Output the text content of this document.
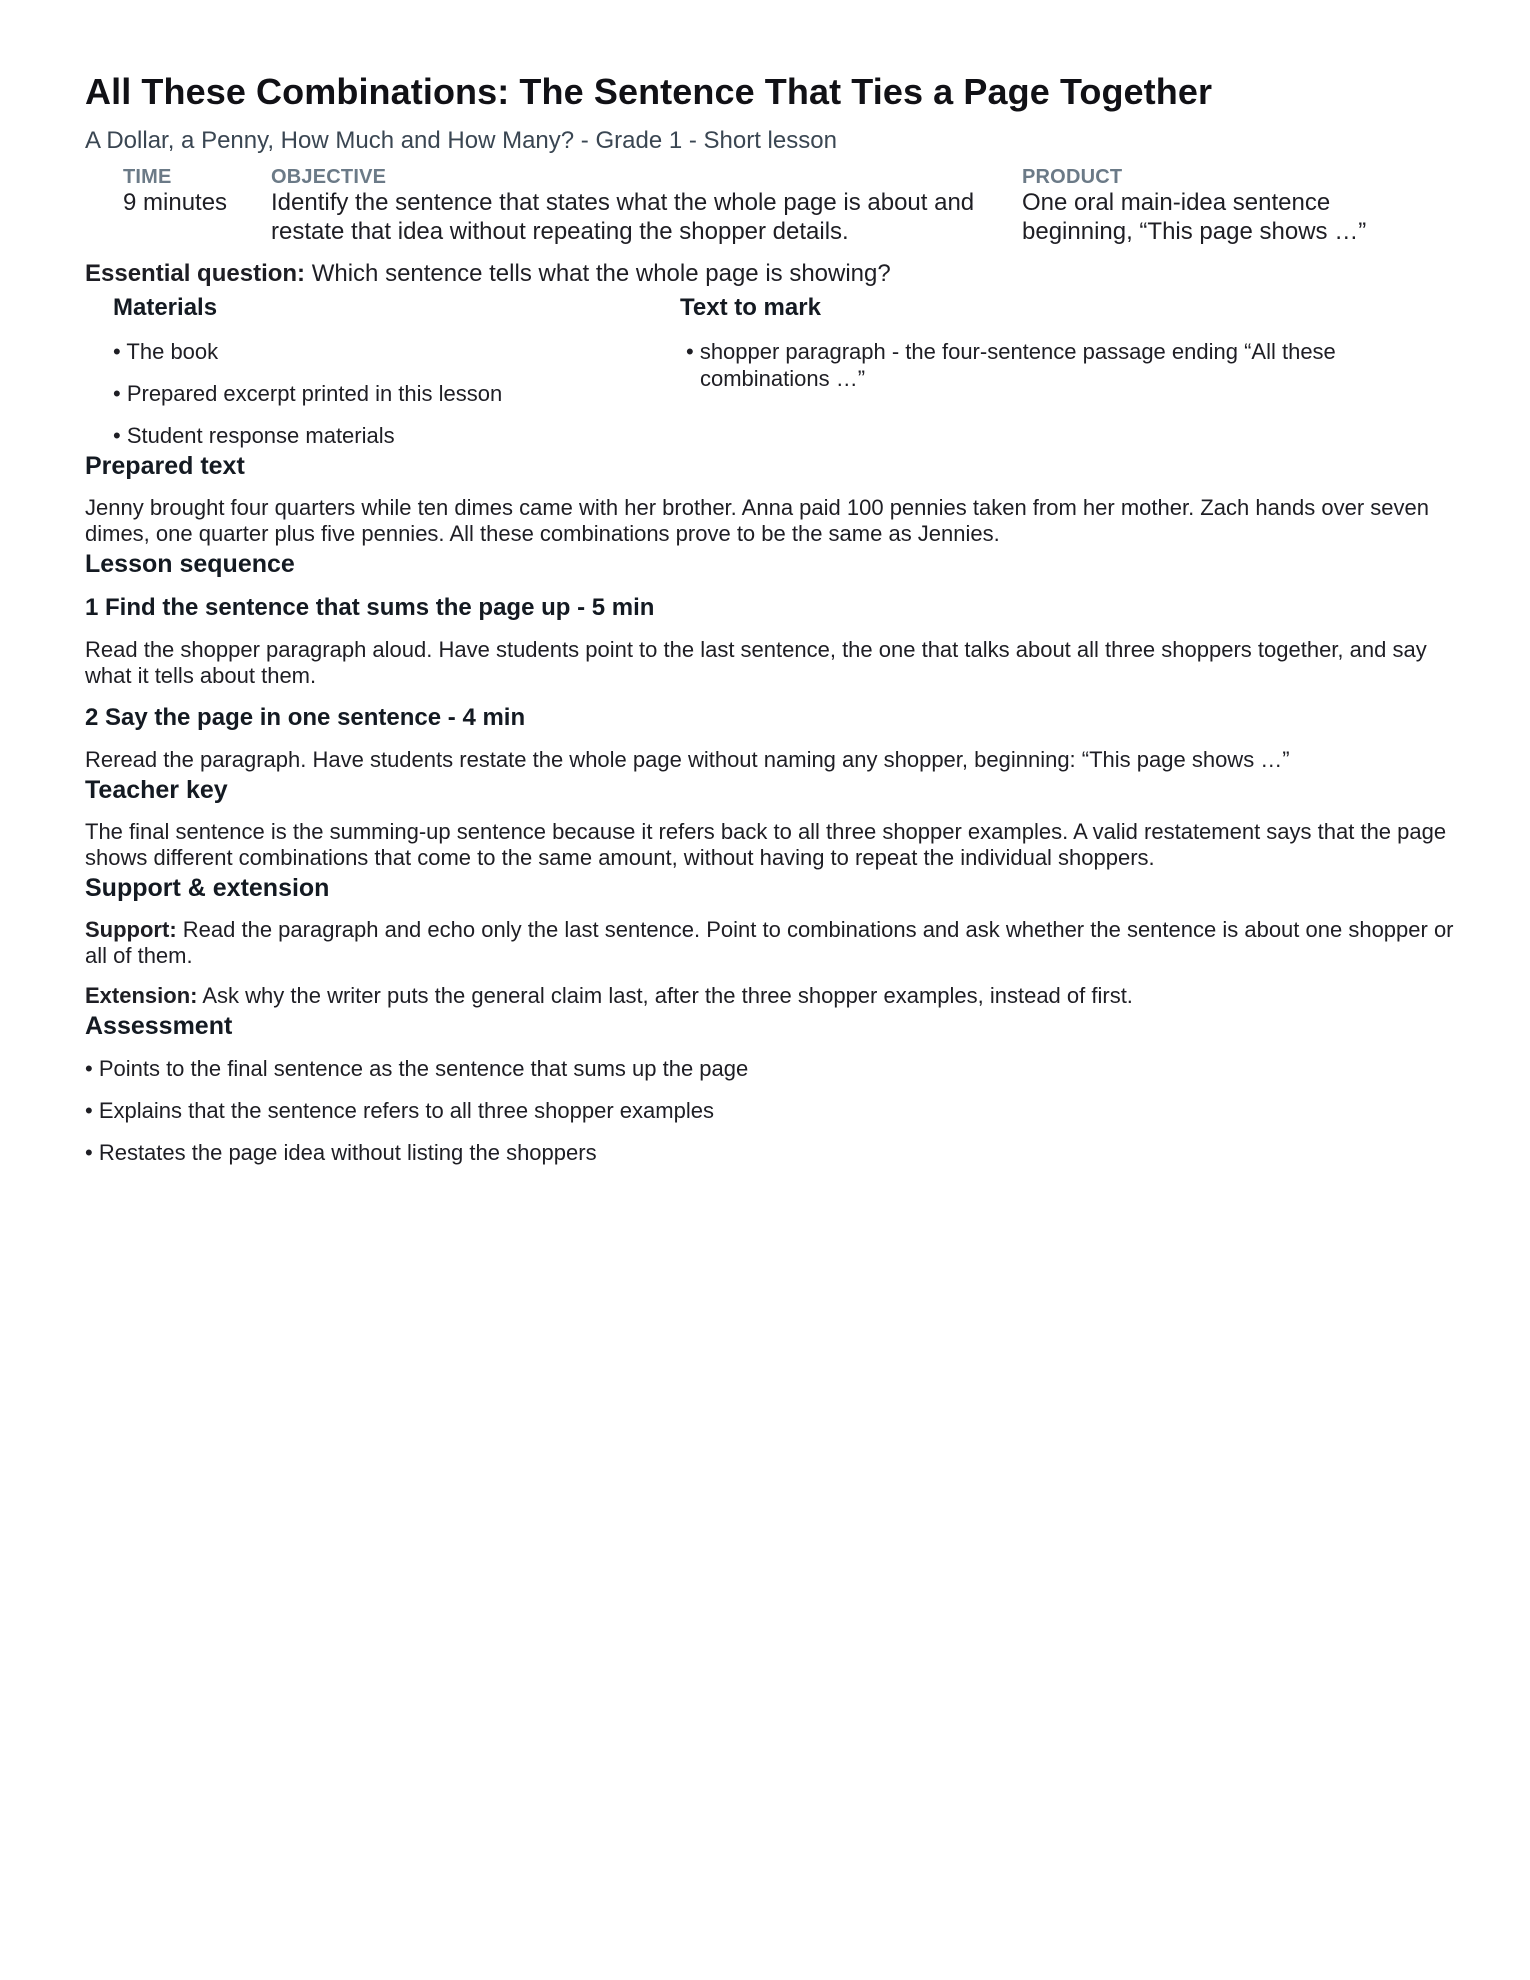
All These Combinations: The Sentence That Ties a Page Together
A Dollar, a Penny, How Much and How Many? - Grade 1 - Short lesson
TIME
9 minutes
OBJECTIVE
Identify the sentence that states what the whole page is about and restate that idea without repeating the shopper details.
PRODUCT
One oral main-idea sentence beginning, “This page shows …”
Essential question: Which sentence tells what the whole page is showing?
Materials
• The book
• Prepared excerpt printed in this lesson
• Student response materials
Text to mark
• shopper paragraph - the four-sentence passage ending “All these combinations …”
Prepared text

Jenny brought four quarters while ten dimes came with her brother. Anna paid 100 pennies taken from her mother. Zach hands over seven dimes, one quarter plus five pennies. All these combinations prove to be the same as Jennies.

Lesson sequence
1 Find the sentence that sums the page up - 5 min

Read the shopper paragraph aloud. Have students point to the last sentence, the one that talks about all three shoppers together, and say what it tells about them.

2 Say the page in one sentence - 4 min

Reread the paragraph. Have students restate the whole page without naming any shopper, beginning: “This page shows …”

Teacher key

The final sentence is the summing-up sentence because it refers back to all three shopper examples. A valid restatement says that the page shows different combinations that come to the same amount, without having to repeat the individual shoppers.

Support & extension

Support: Read the paragraph and echo only the last sentence. Point to combinations and ask whether the sentence is about one shopper or all of them.

Extension: Ask why the writer puts the general claim last, after the three shopper examples, instead of first.

Assessment
• Points to the final sentence as the sentence that sums up the page
• Explains that the sentence refers to all three shopper examples
• Restates the page idea without listing the shoppers
